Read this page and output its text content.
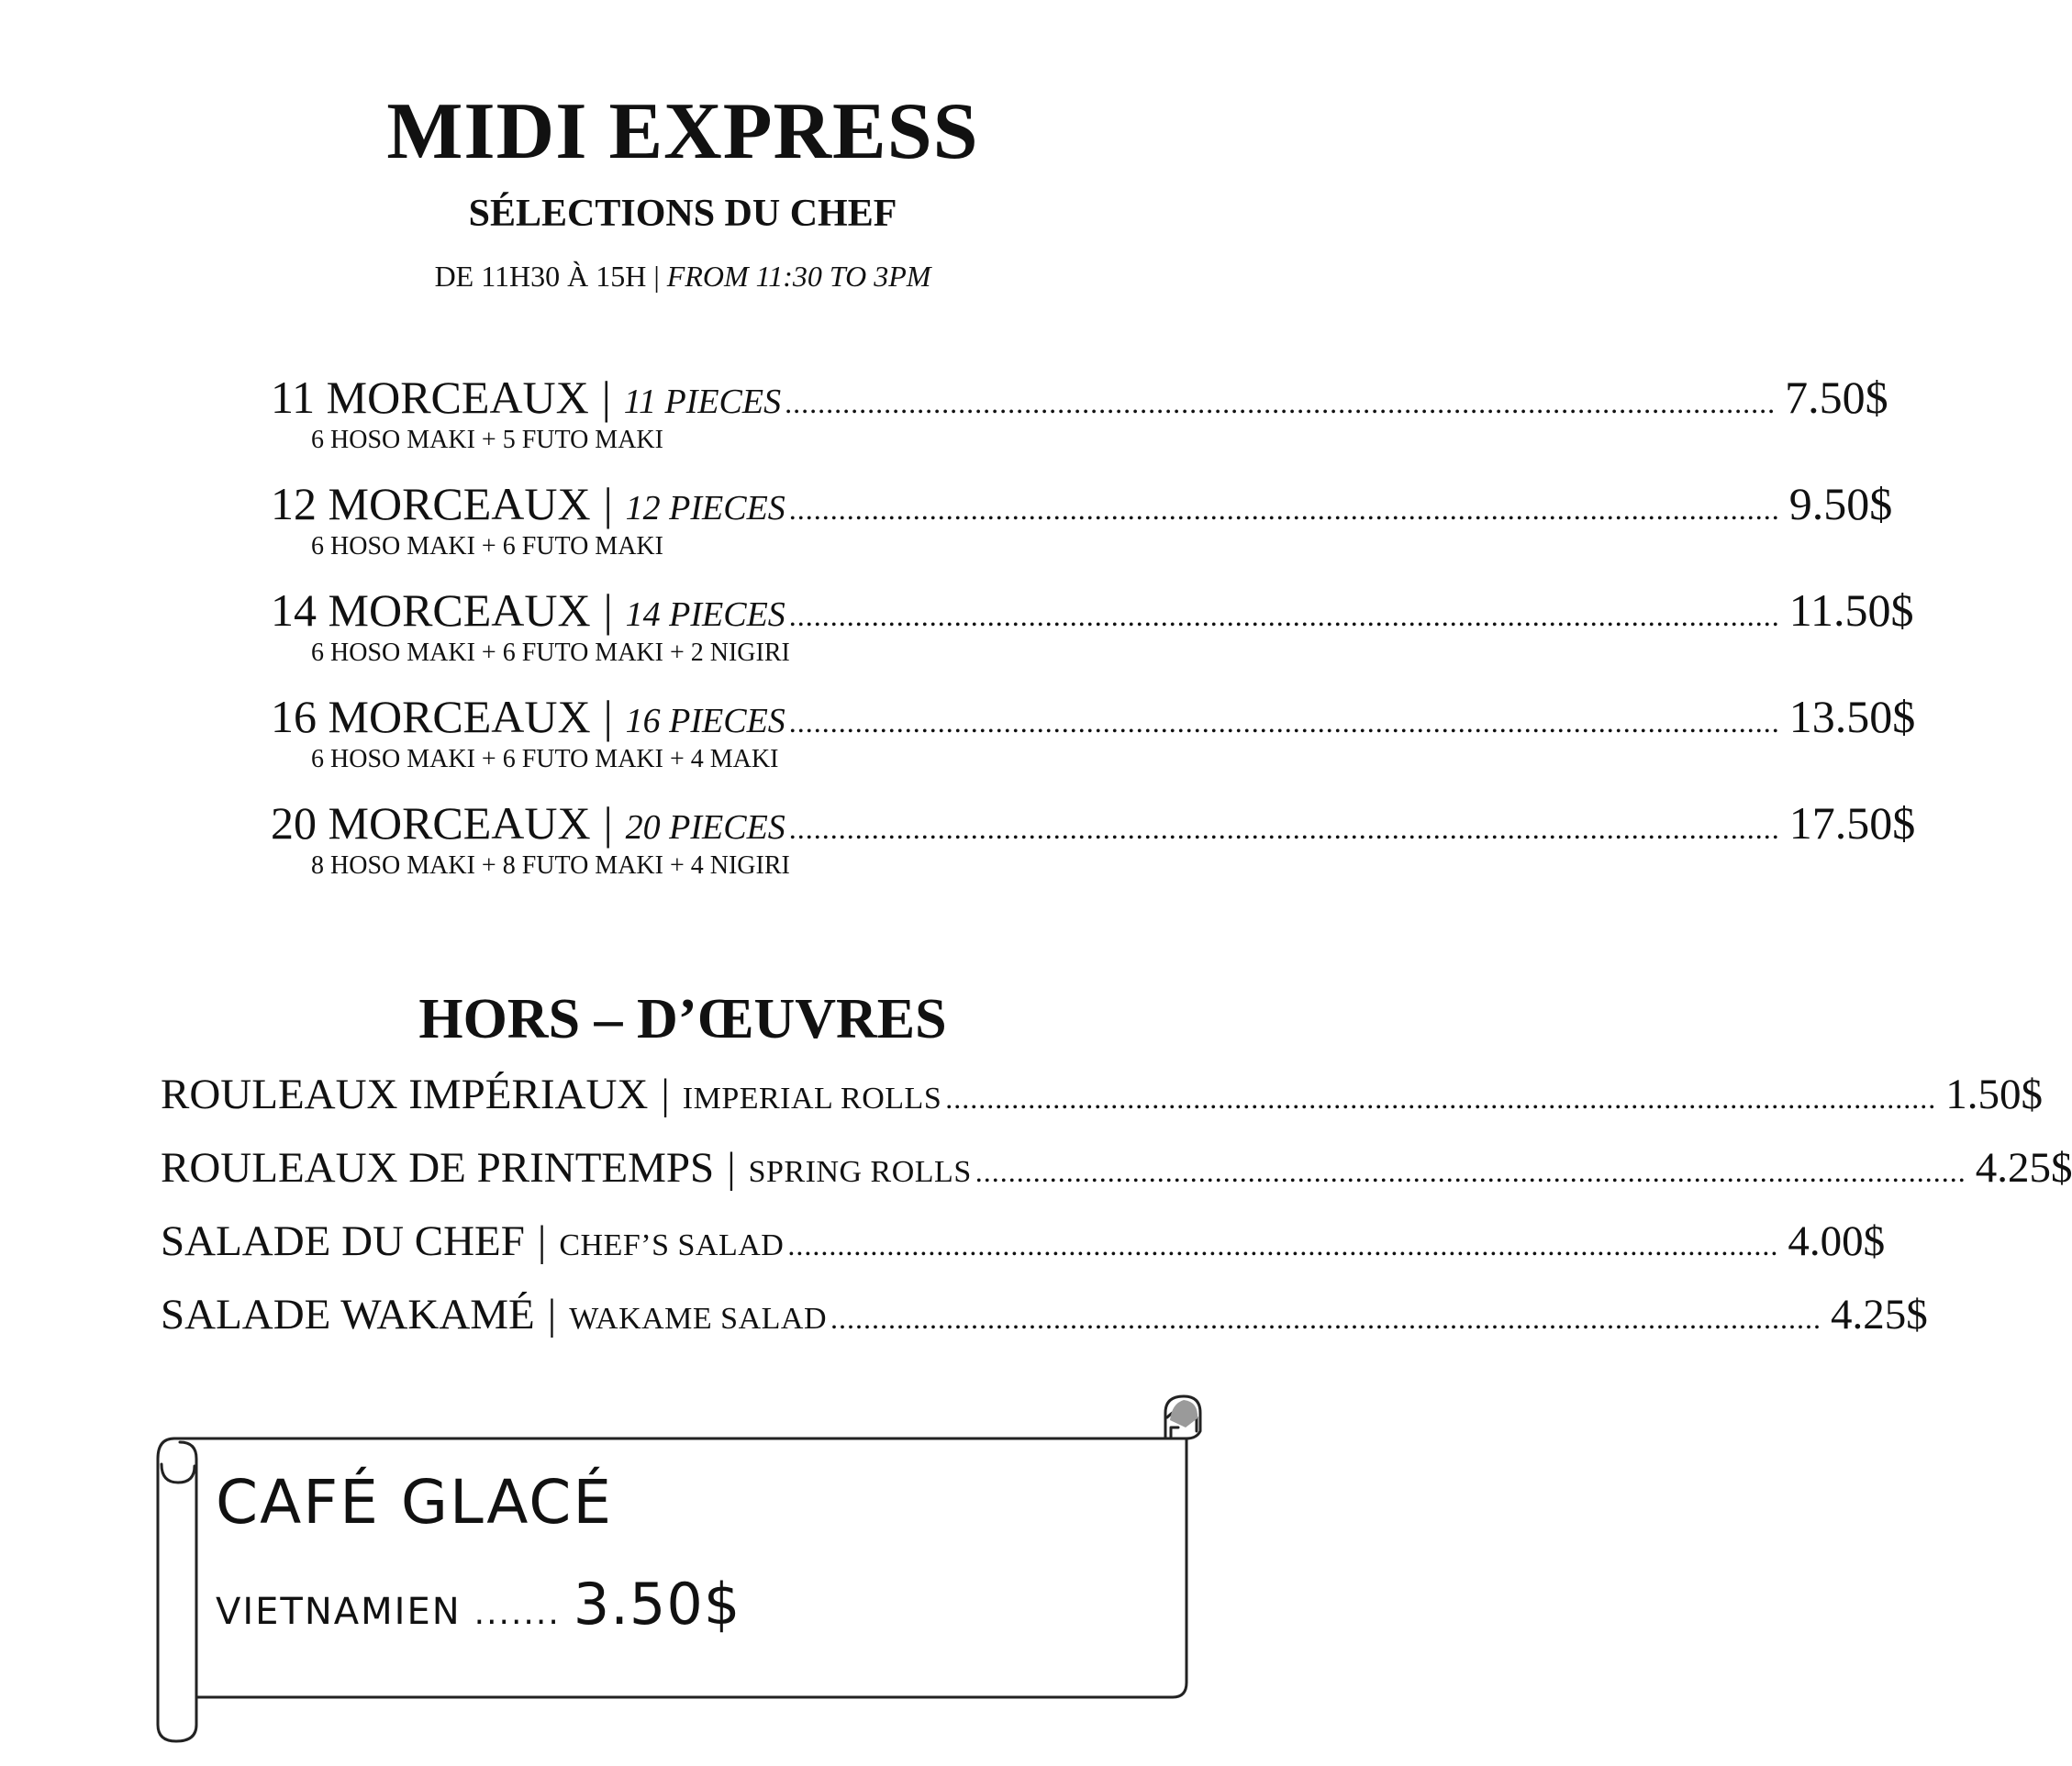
MIDI EXPRESS
SÉLECTIONS DU CHEF
DE 11H30 À 15H | FROM 11:30 TO 3PM
11 MORCEAUX | 11 PIECES ........................................................................................................................ 7.50$
6 HOSO MAKI + 5 FUTO MAKI
12 MORCEAUX | 12 PIECES ........................................................................................................................ 9.50$
6 HOSO MAKI + 6 FUTO MAKI
14 MORCEAUX | 14 PIECES ........................................................................................................................ 11.50$
6 HOSO MAKI + 6 FUTO MAKI + 2 NIGIRI
16 MORCEAUX | 16 PIECES ........................................................................................................................ 13.50$
6 HOSO MAKI + 6 FUTO MAKI + 4 MAKI
20 MORCEAUX | 20 PIECES ........................................................................................................................ 17.50$
8 HOSO MAKI + 8 FUTO MAKI + 4 NIGIRI
HORS – D’ŒUVRES
ROULEAUX IMPÉRIAUX | IMPERIAL ROLLS ........................................................................................................................ 1.50$
ROULEAUX DE PRINTEMPS | SPRING ROLLS ........................................................................................................................ 4.25$
SALADE DU CHEF | CHEF’S SALAD ........................................................................................................................ 4.00$
SALADE WAKAMÉ | WAKAME SALAD ........................................................................................................................ 4.25$
CAFÉ GLACÉ
VIETNAMIEN ....... 3.50$
